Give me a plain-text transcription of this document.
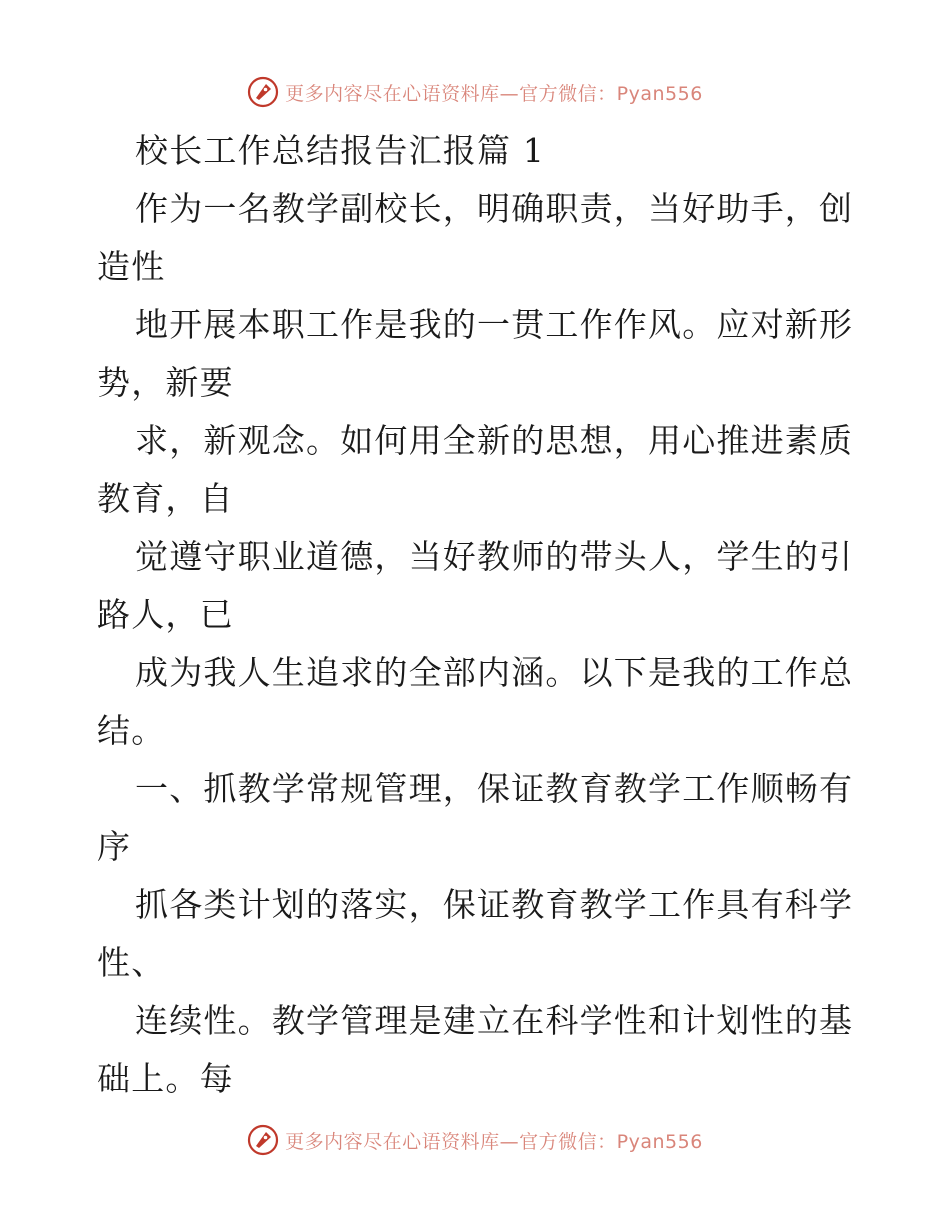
更多内容尽在心语资料库—官方微信：Pyan556
校长工作总结报告汇报篇 1
作为一名教学副校长，明确职责，当好助手，创
造性
地开展本职工作是我的一贯工作作风。应对新形
势，新要
求，新观念。如何用全新的思想，用心推进素质
教育，自
觉遵守职业道德，当好教师的带头人，学生的引
路人，已
成为我人生追求的全部内涵。以下是我的工作总
结。
一、抓教学常规管理，保证教育教学工作顺畅有
序
抓各类计划的落实，保证教育教学工作具有科学
性、
连续性。教学管理是建立在科学性和计划性的基
础上。每
更多内容尽在心语资料库—官方微信：Pyan556
